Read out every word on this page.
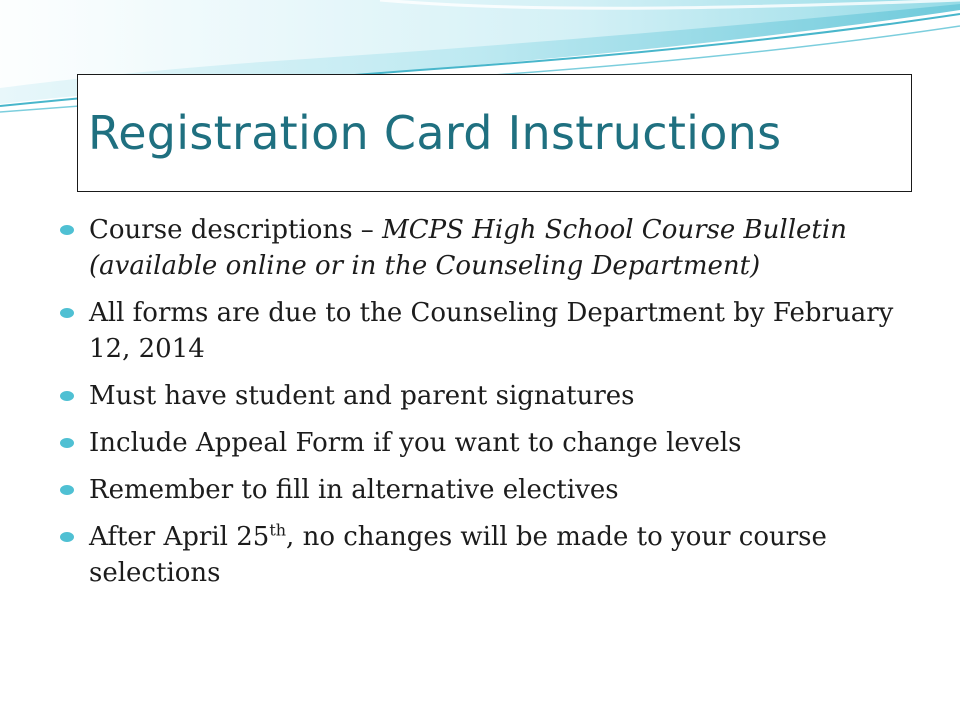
Registration Card Instructions
Course descriptions – MCPS High School Course Bulletin (available online or in the Counseling Department)
All forms are due to the Counseling Department by February 12, 2014
Must have student and parent signatures
Include Appeal Form if you want to change levels
Remember to fill in alternative electives
After April 25th, no changes will be made to your course selections
